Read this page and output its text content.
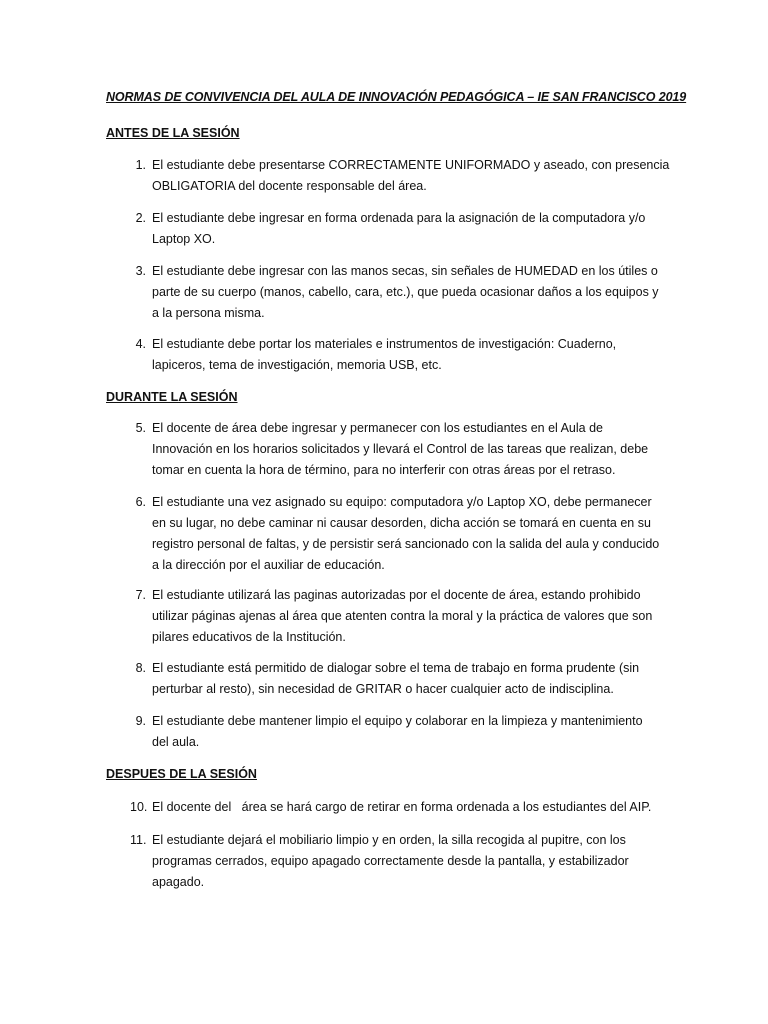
NORMAS DE CONVIVENCIA DEL AULA DE INNOVACIÓN PEDAGÓGICA – IE SAN FRANCISCO 2019
ANTES DE LA SESIÓN
1. El estudiante debe presentarse CORRECTAMENTE UNIFORMADO y aseado, con presencia
OBLIGATORIA del docente responsable del área.
2. El estudiante debe ingresar en forma ordenada para la asignación de la computadora y/o
Laptop XO.
3. El estudiante debe ingresar con las manos secas, sin señales de HUMEDAD en los útiles o
parte de su cuerpo (manos, cabello, cara, etc.), que pueda ocasionar daños a los equipos y
a la persona misma.
4. El estudiante debe portar los materiales e instrumentos de investigación: Cuaderno,
lapiceros, tema de investigación, memoria USB, etc.
DURANTE LA SESIÓN
5. El docente de área debe ingresar y permanecer con los estudiantes en el Aula de
Innovación en los horarios solicitados y llevará el Control de las tareas que realizan, debe
tomar en cuenta la hora de término, para no interferir con otras áreas por el retraso.
6. El estudiante una vez asignado su equipo: computadora y/o Laptop XO, debe permanecer
en su lugar, no debe caminar ni causar desorden, dicha acción se tomará en cuenta en su
registro personal de faltas, y de persistir será sancionado con la salida del aula y conducido
a la dirección por el auxiliar de educación.
7. El estudiante utilizará las paginas autorizadas por el docente de área, estando prohibido
utilizar páginas ajenas al área que atenten contra la moral y la práctica de valores que son
pilares educativos de la Institución.
8. El estudiante está permitido de dialogar sobre el tema de trabajo en forma prudente (sin
perturbar al resto), sin necesidad de GRITAR o hacer cualquier acto de indisciplina.
9. El estudiante debe mantener limpio el equipo y colaborar en la limpieza y mantenimiento
del aula.
DESPUES DE LA SESIÓN
10. El docente del   área se hará cargo de retirar en forma ordenada a los estudiantes del AIP.
11. El estudiante dejará el mobiliario limpio y en orden, la silla recogida al pupitre, con los
programas cerrados, equipo apagado correctamente desde la pantalla, y estabilizador
apagado.
